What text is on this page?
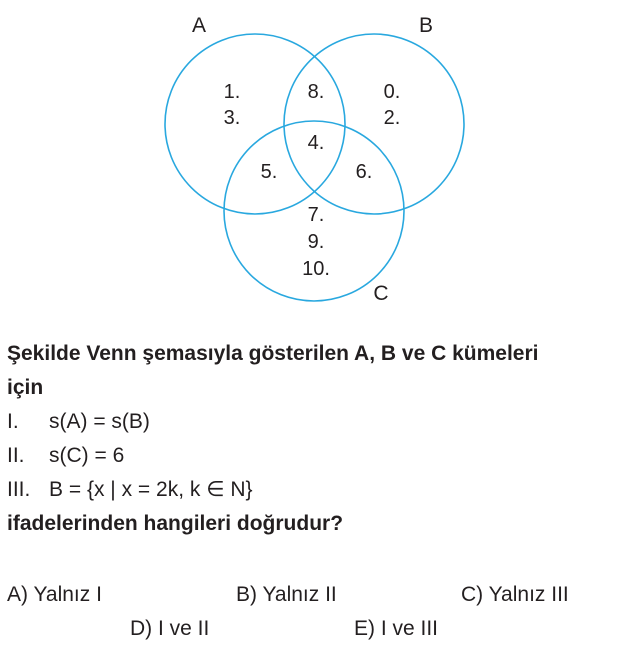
A	B
C
1.
3.
0.
2.
8.
4.
5.	6.
7.
9.
10.
Şekilde Venn şemasıyla gösterilen A, B ve C kümeleri
için
I. s(A) = s(B)
II. s(C) = 6
III. B = {x | x = 2k, k ∈ N}
ifadelerinden hangileri doğrudur?
A) Yalnız I	B) Yalnız II	C) Yalnız III
D) I ve II	E) I ve III
